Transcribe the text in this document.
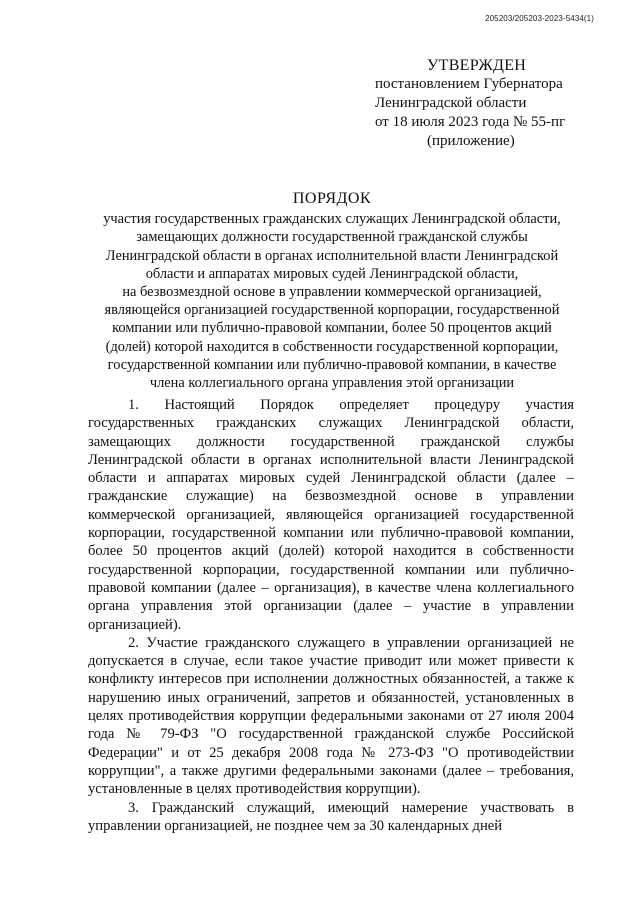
205203/205203-2023-5434(1)
УТВЕРЖДЕН
постановлением Губернатора
Ленинградской области
от 18 июля 2023 года № 55-пг
(приложение)
ПОРЯДОК
участия государственных гражданских служащих Ленинградской области,
замещающих должности государственной гражданской службы
Ленинградской области в органах исполнительной власти Ленинградской
области и аппаратах мировых судей Ленинградской области,
на безвозмездной основе в управлении коммерческой организацией,
являющейся организацией государственной корпорации, государственной
компании или публично-правовой компании, более 50 процентов акций
(долей) которой находится в собственности государственной корпорации,
государственной компании или публично-правовой компании, в качестве
члена коллегиального органа управления этой организации

1. Настоящий Порядок определяет процедуру участия государственных гражданских служащих Ленинградской области, замещающих должности государственной гражданской службы Ленинградской области в органах исполнительной власти Ленинградской области и аппаратах мировых судей Ленинградской области (далее – гражданские служащие) на безвозмездной основе в управлении коммерческой организацией, являющейся организацией государственной корпорации, государственной компании или публично-правовой компании, более 50 процентов акций (долей) которой находится в собственности государственной корпорации, государственной компании или публично-правовой компании (далее – организация), в качестве члена коллегиального органа управления этой организации (далее – участие в управлении организацией).

2. Участие гражданского служащего в управлении организацией не допускается в случае, если такое участие приводит или может привести к конфликту интересов при исполнении должностных обязанностей, а также к нарушению иных ограничений, запретов и обязанностей, установленных в целях противодействия коррупции федеральными законами от 27 июля 2004 года № 79-ФЗ "О государственной гражданской службе Российской Федерации" и от 25 декабря 2008 года № 273-ФЗ "О противодействии коррупции", а также другими федеральными законами (далее – требования, установленные в целях противодействия коррупции).

3. Гражданский служащий, имеющий намерение участвовать в управлении организацией, не позднее чем за 30 календарных дней
